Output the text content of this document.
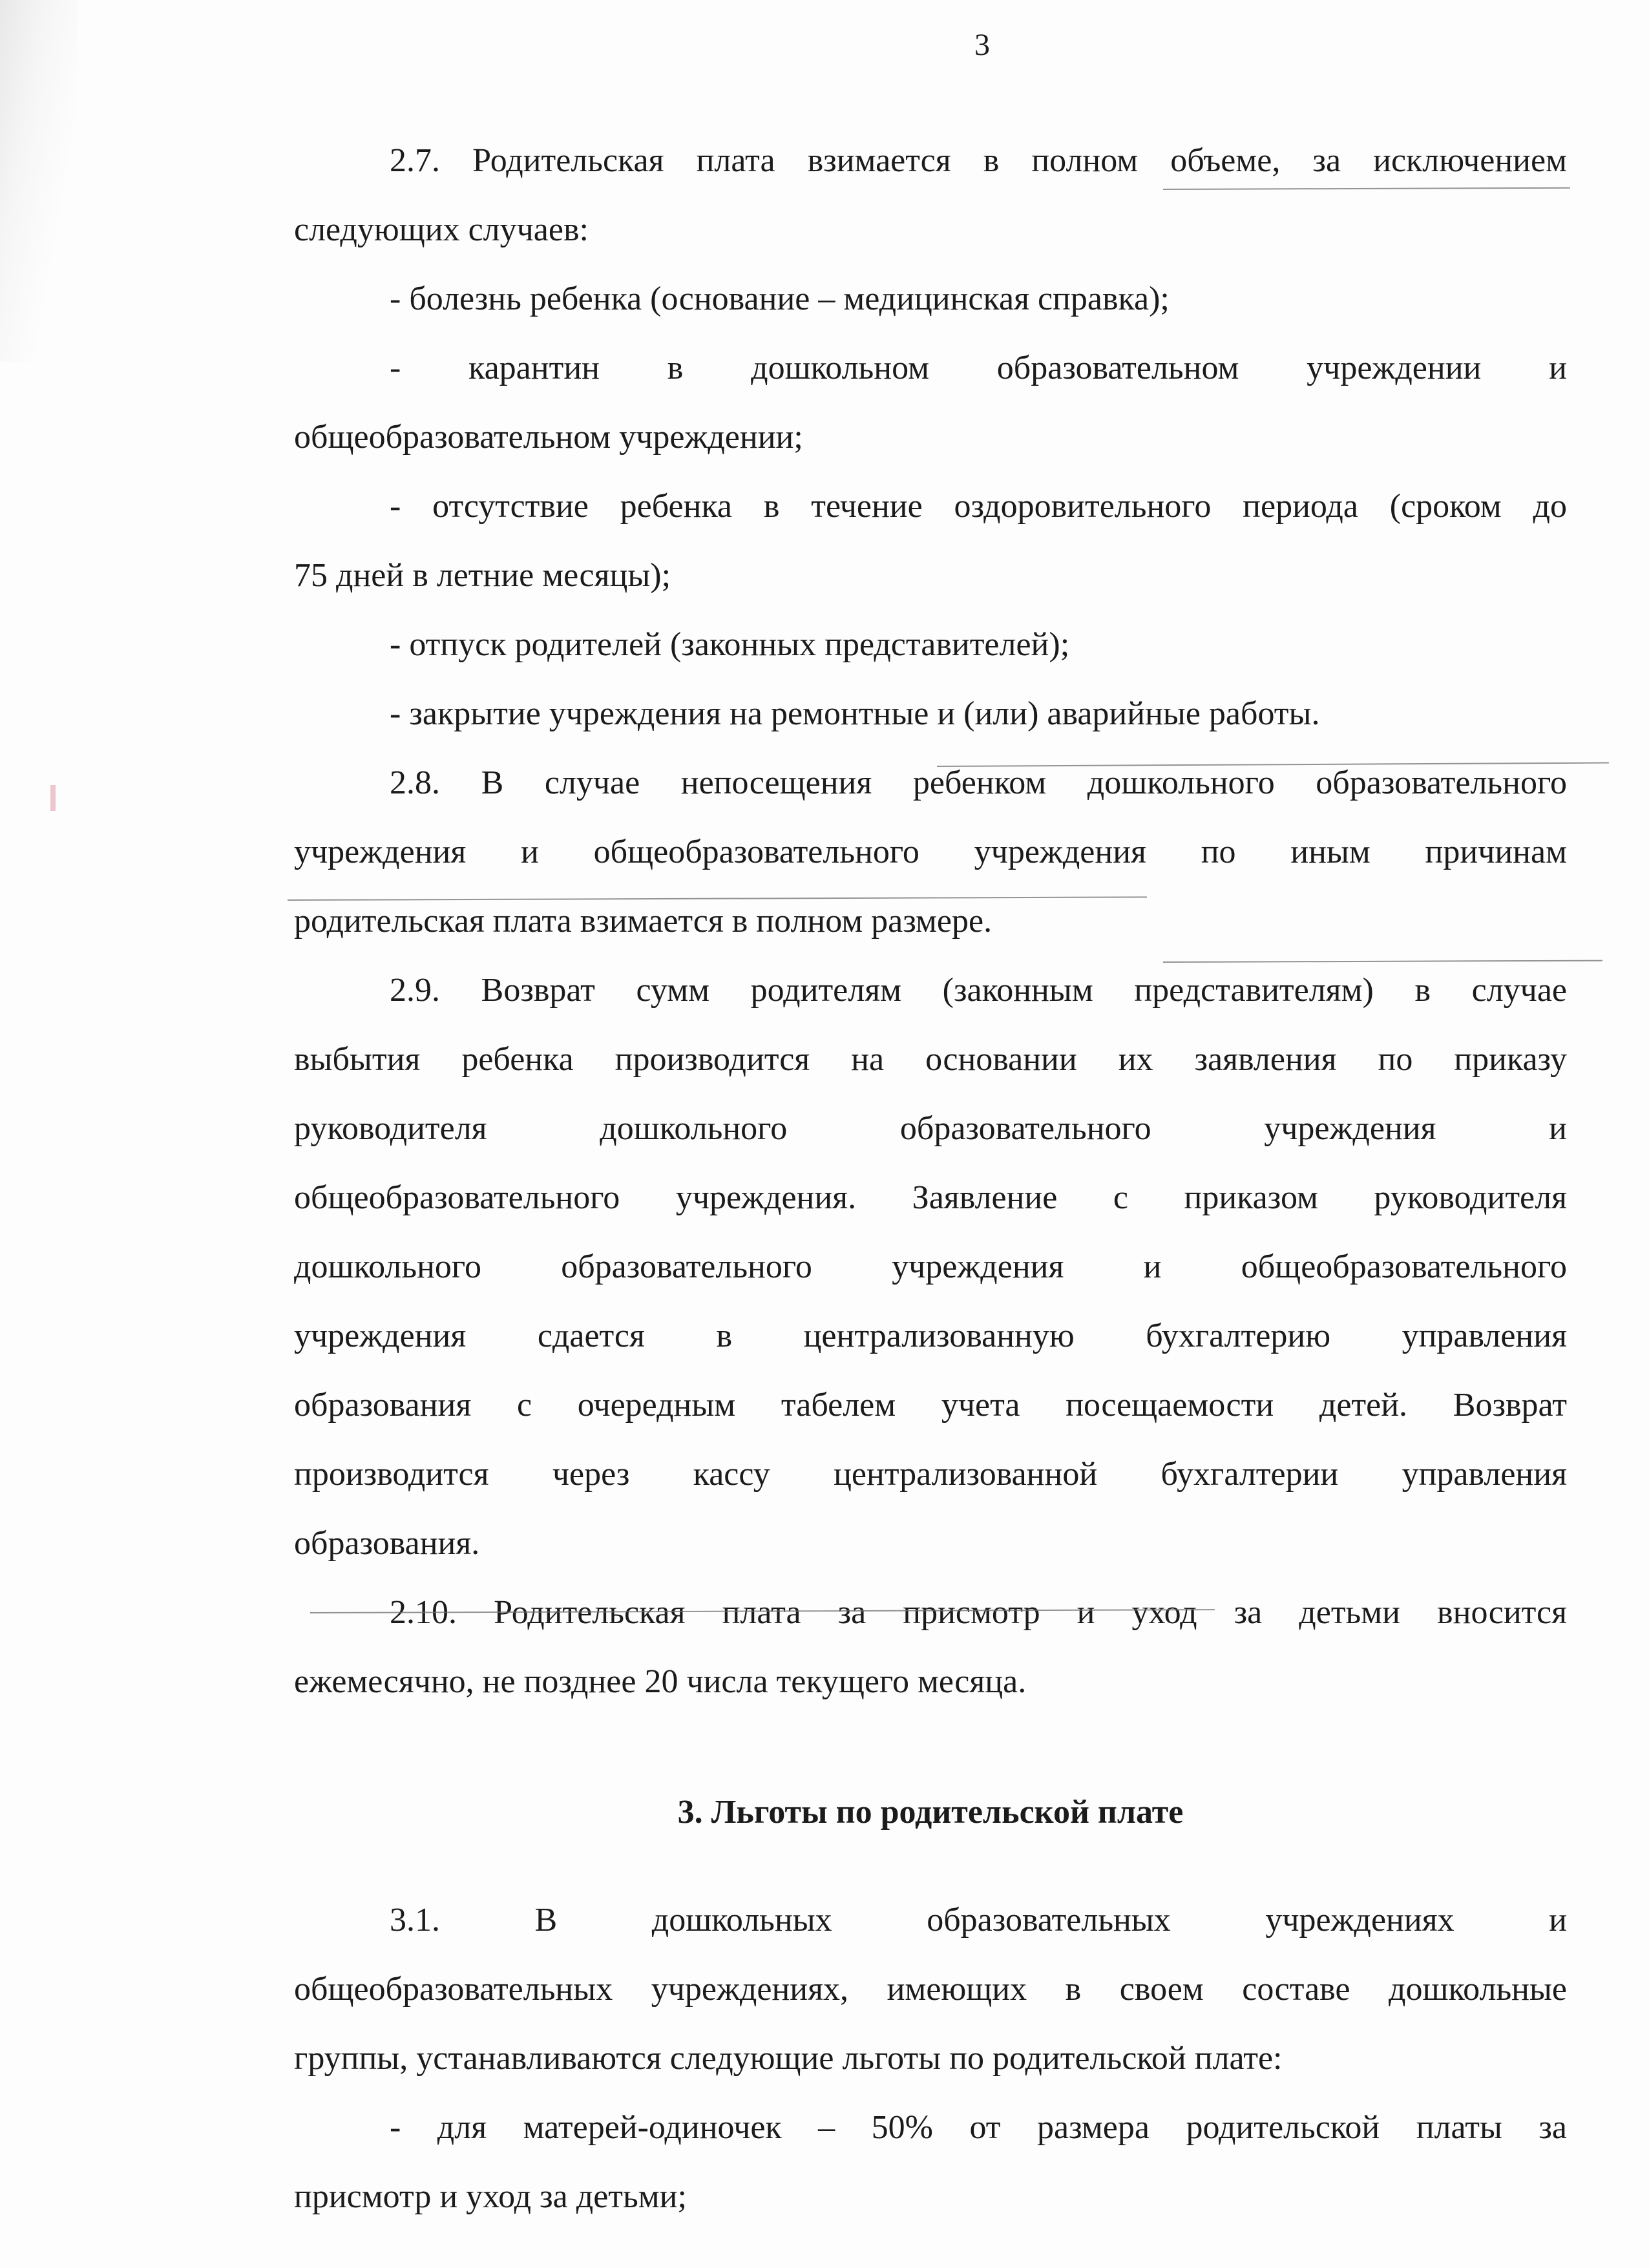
3
2.7. Родительская плата взимается в полном объеме, за исключением
следующих случаев:
- болезнь ребенка (основание – медицинская справка);
- карантин в дошкольном образовательном учреждении и
общеобразовательном учреждении;
- отсутствие ребенка в течение оздоровительного периода (сроком до
75 дней в летние месяцы);
- отпуск родителей (законных представителей);
- закрытие учреждения на ремонтные и (или) аварийные работы.
2.8. В случае непосещения ребенком дошкольного образовательного
учреждения и общеобразовательного учреждения по иным причинам
родительская плата взимается в полном размере.
2.9. Возврат сумм родителям (законным представителям) в случае
выбытия ребенка производится на основании их заявления по приказу
руководителя дошкольного образовательного учреждения и
общеобразовательного учреждения. Заявление с приказом руководителя
дошкольного образовательного учреждения и общеобразовательного
учреждения сдается в централизованную бухгалтерию управления
образования с очередным табелем учета посещаемости детей. Возврат
производится через кассу централизованной бухгалтерии управления
образования.
2.10. Родительская плата за присмотр и уход за детьми вносится
ежемесячно, не позднее 20 числа текущего месяца.
3. Льготы по родительской плате
3.1. В дошкольных образовательных учреждениях и
общеобразовательных учреждениях, имеющих в своем составе дошкольные
группы, устанавливаются следующие льготы по родительской плате:
- для матерей-одиночек – 50% от размера родительской платы за
присмотр и уход за детьми;
